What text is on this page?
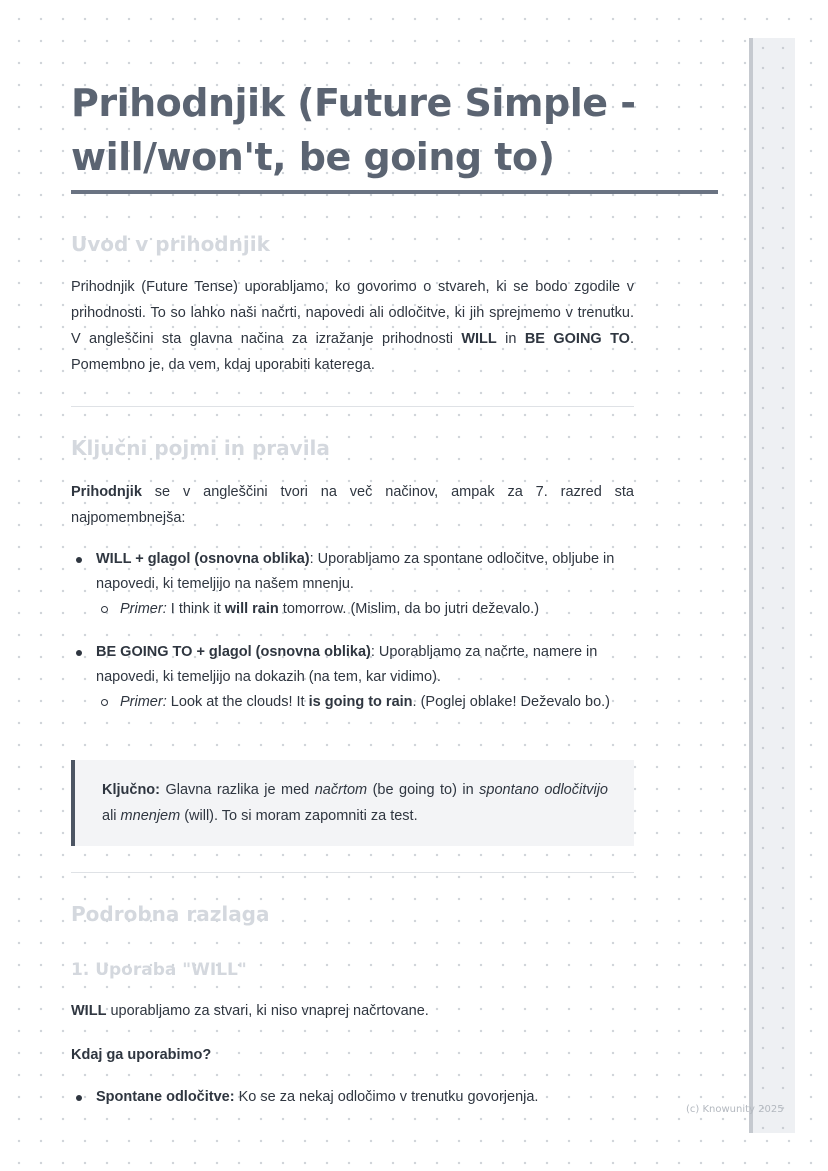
Prihodnjik (Future Simple - will/won't, be going to)
Uvod v prihodnjik

Prihodnjik (Future Tense) uporabljamo, ko govorimo o stvareh, ki se bodo zgodile v prihodnosti. To so lahko naši načrti, napovedi ali odločitve, ki jih sprejmemo v trenutku. V angleščini sta glavna načina za izražanje prihodnosti WILL in BE GOING TO. Pomembno je, da vem, kdaj uporabiti katerega.

Ključni pojmi in pravila

Prihodnjik se v angleščini tvori na več načinov, ampak za 7. razred sta najpomembnejša:

WILL + glagol (osnovna oblika): Uporabljamo za spontane odločitve, obljube in napovedi, ki temeljijo na našem mnenju.
Primer: I think it will rain tomorrow. (Mislim, da bo jutri deževalo.)
BE GOING TO + glagol (osnovna oblika): Uporabljamo za načrte, namere in napovedi, ki temeljijo na dokazih (na tem, kar vidimo).
Primer: Look at the clouds! It is going to rain. (Poglej oblake! Deževalo bo.)

Ključno: Glavna razlika je med načrtom (be going to) in spontano odločitvijo ali mnenjem (will). To si moram zapomniti za test.

Podrobna razlaga
1. Uporaba "WILL"

WILL uporabljamo za stvari, ki niso vnaprej načrtovane.

Kdaj ga uporabimo?

Spontane odločitve: Ko se za nekaj odločimo v trenutku govorjenja.
(c) Knowunity 2025
